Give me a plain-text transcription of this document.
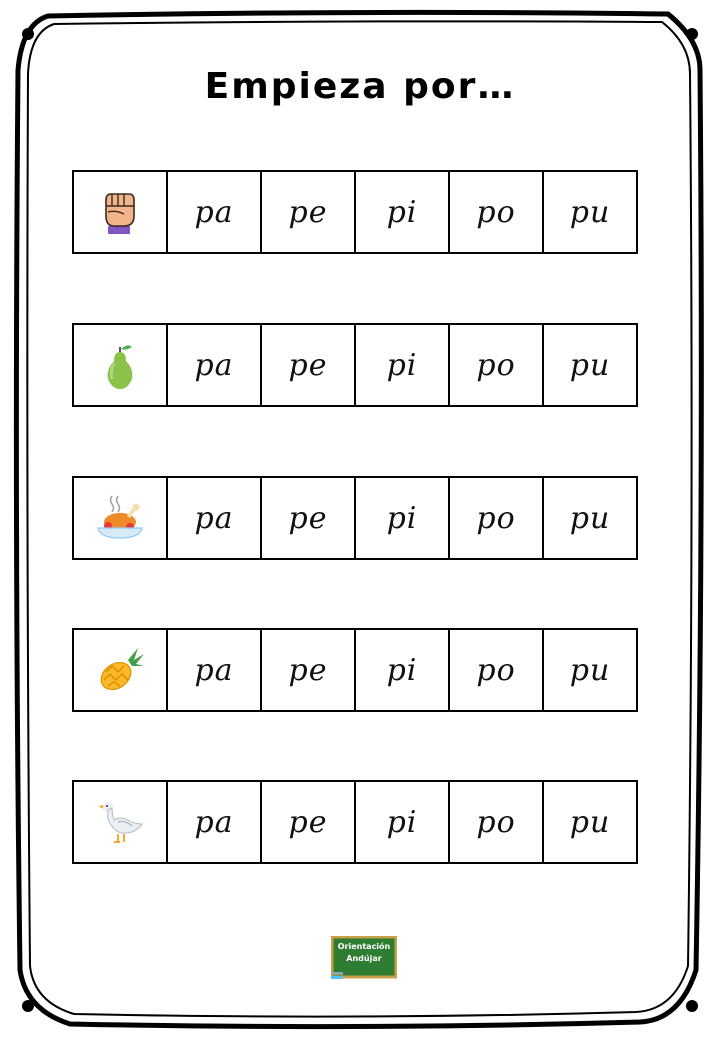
Empieza por…
pa pe pi po pu
pa pe pi po pu
pa pe pi po pu
pa pe pi po pu
pa pe pi po pu
Orientación
Andújar
